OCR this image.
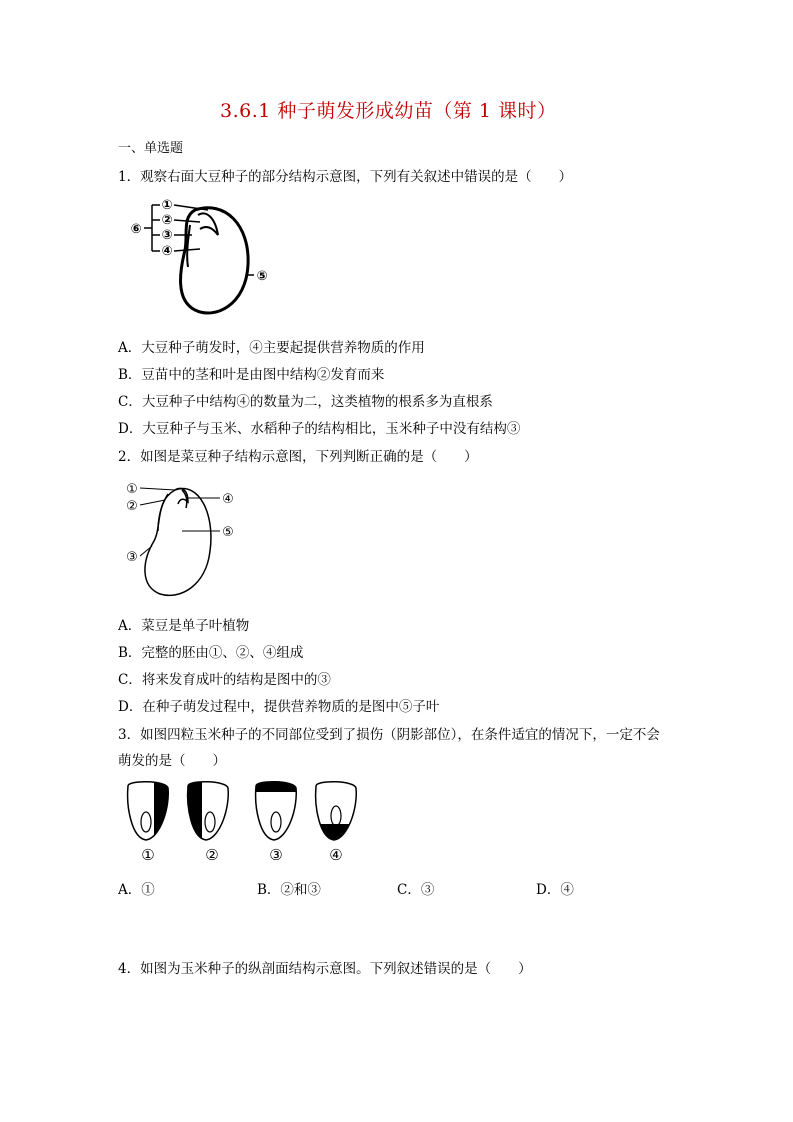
3.6.1 种子萌发形成幼苗（第 1 课时）
一、单选题
1．观察右面大豆种子的部分结构示意图，下列有关叙述中错误的是（　　）
①
②
③
④
⑤
⑥
A．大豆种子萌发时，④主要起提供营养物质的作用
B．豆苗中的茎和叶是由图中结构②发育而来
C．大豆种子中结构④的数量为二，这类植物的根系多为直根系
D．大豆种子与玉米、水稻种子的结构相比，玉米种子中没有结构③
2．如图是菜豆种子结构示意图，下列判断正确的是（　　）
①
②
③
④
⑤
A．菜豆是单子叶植物
B．完整的胚由①、②、④组成
C．将来发育成叶的结构是图中的③
D．在种子萌发过程中，提供营养物质的是图中⑤子叶
3．如图四粒玉米种子的不同部位受到了损伤（阴影部位），在条件适宜的情况下，一定不会
萌发的是（　　）
①	②	③	④
A．①	B．②和③	C．③	D．④
4．如图为玉米种子的纵剖面结构示意图。下列叙述错误的是（　　）
